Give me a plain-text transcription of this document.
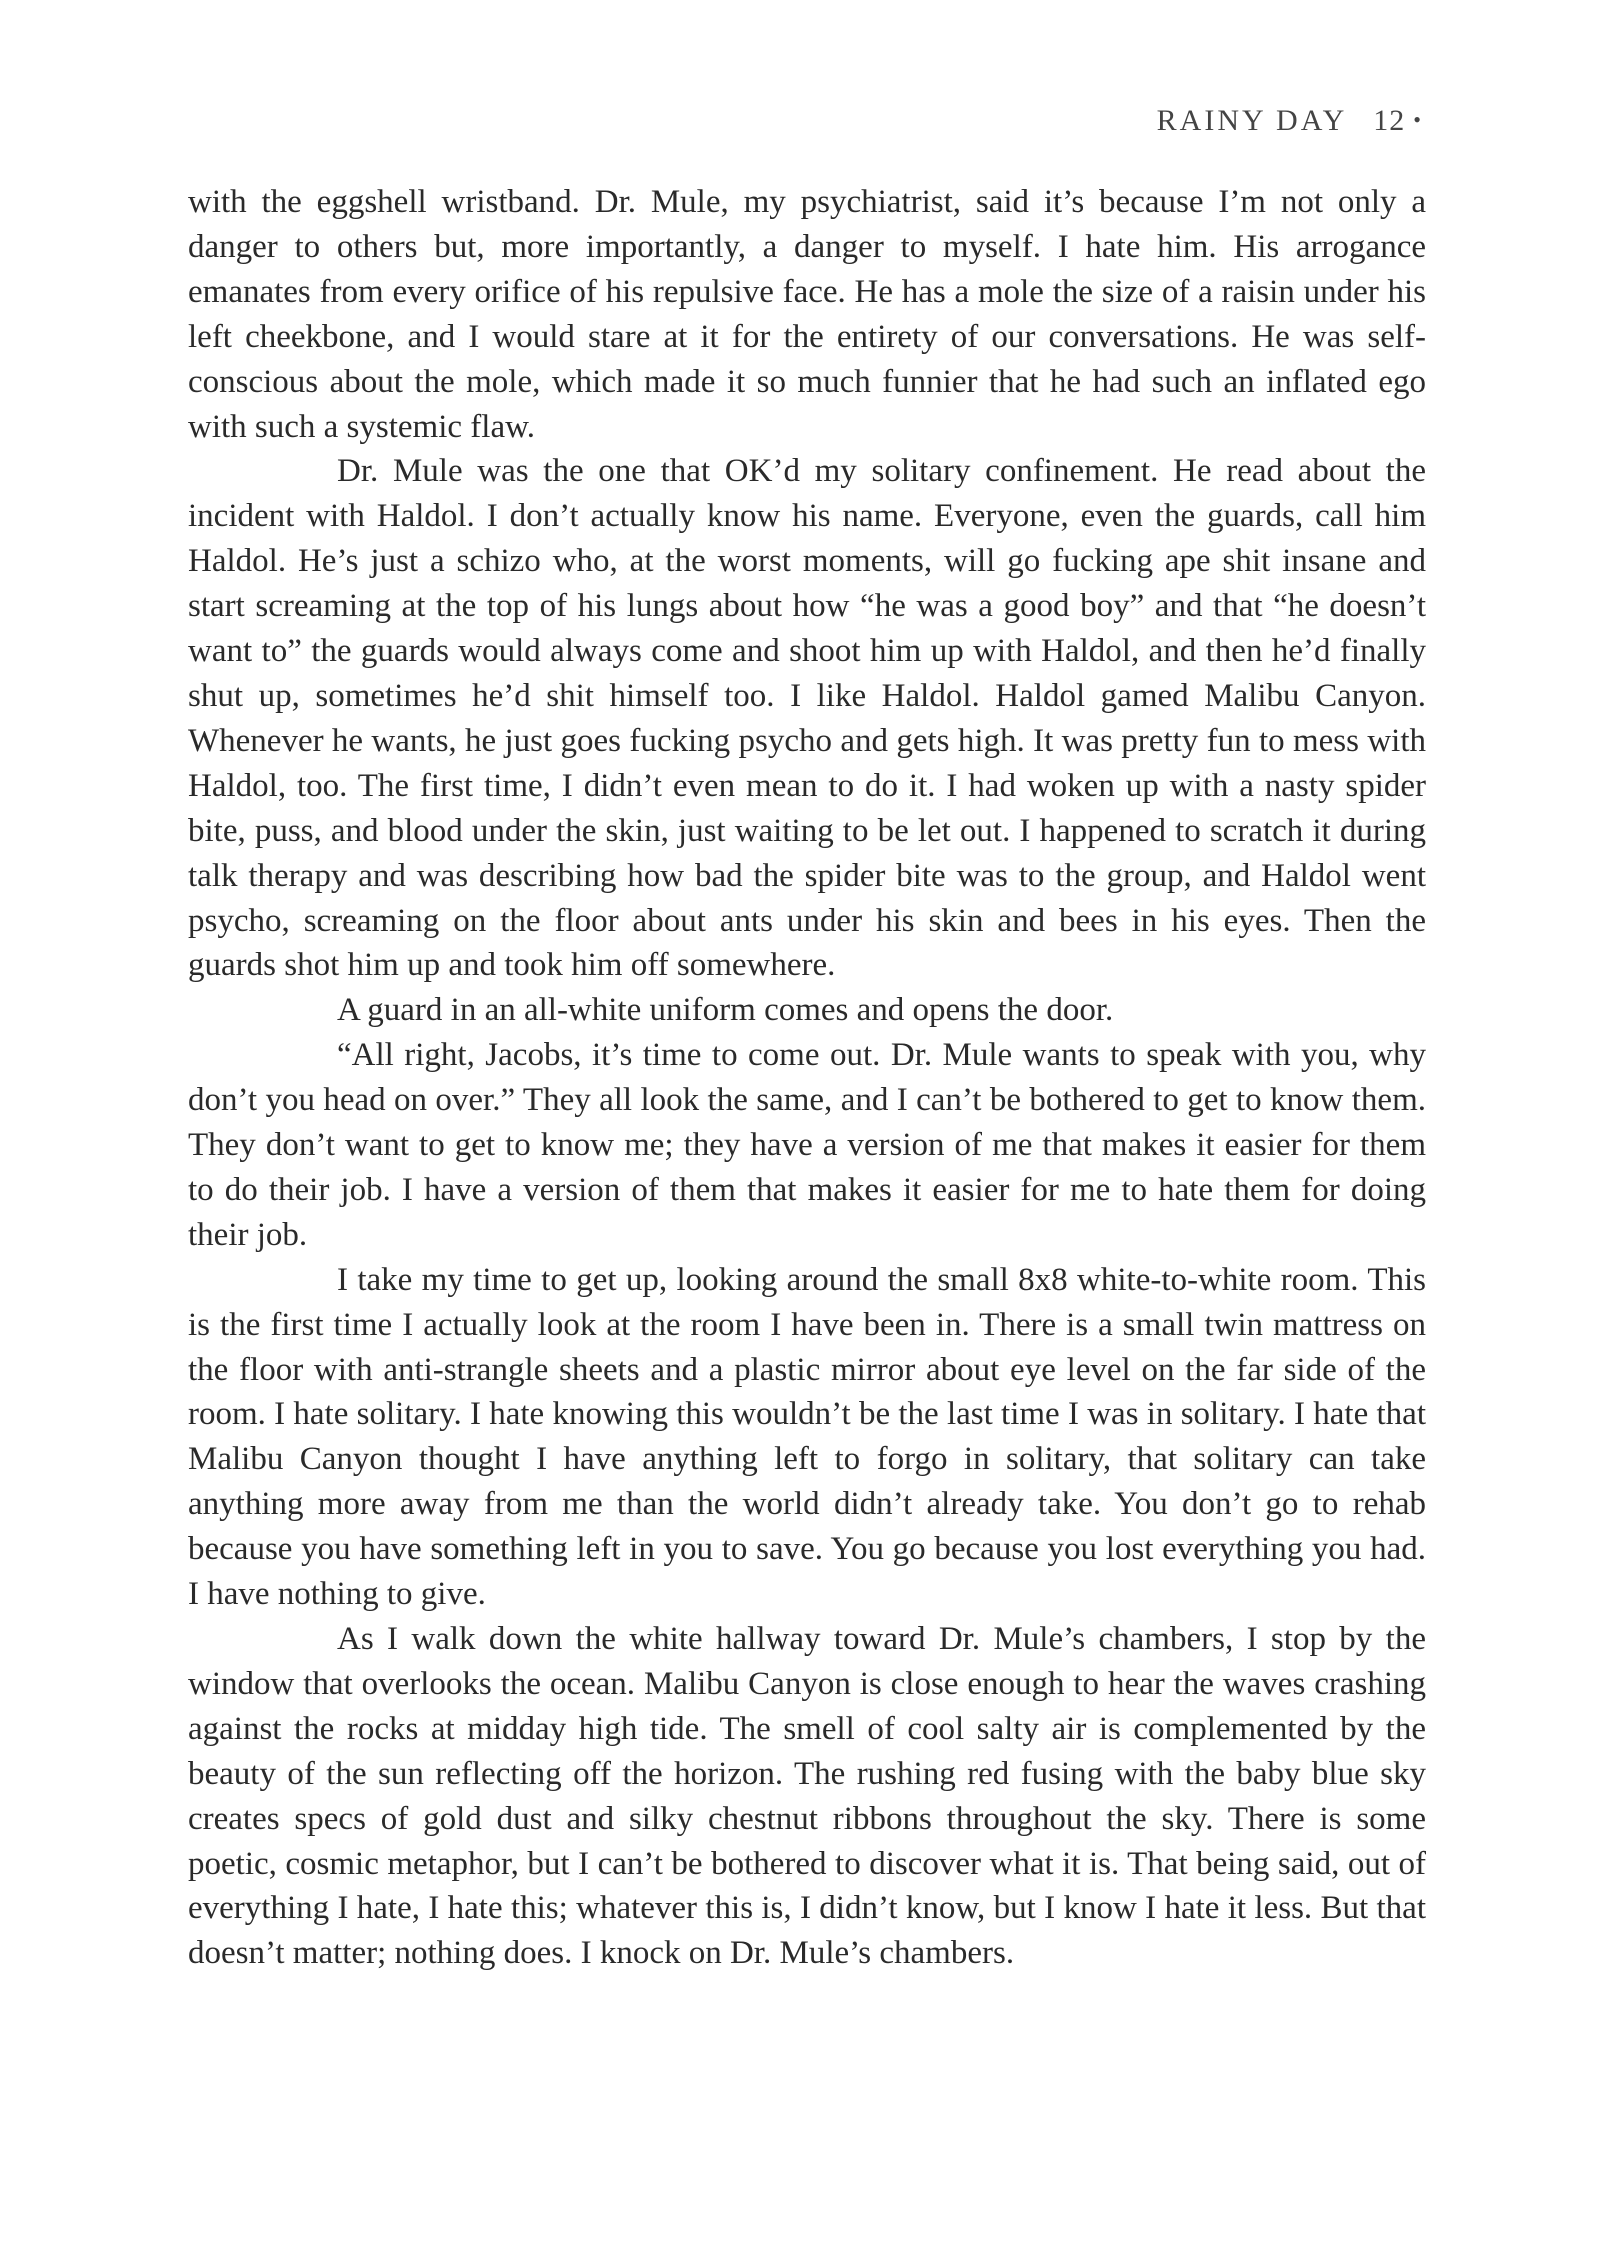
RAINY DAY 12 •

with the eggshell wristband. Dr. Mule, my psychiatrist, said it’s because I’m not only a danger to others but, more importantly, a danger to myself. I hate him. His arrogance emanates from every orifice of his repulsive face. He has a mole the size of a raisin under his left cheekbone, and I would stare at it for the entirety of our conversations. He was self-conscious about the mole, which made it so much funnier that he had such an inflated ego with such a systemic flaw.

Dr. Mule was the one that OK’d my solitary confinement. He read about the incident with Haldol. I don’t actually know his name. Everyone, even the guards, call him Haldol. He’s just a schizo who, at the worst moments, will go fucking ape shit insane and start screaming at the top of his lungs about how “he was a good boy” and that “he doesn’t want to” the guards would always come and shoot him up with Haldol, and then he’d finally shut up, sometimes he’d shit himself too. I like Haldol. Haldol gamed Malibu Canyon. Whenever he wants, he just goes fucking psycho and gets high. It was pretty fun to mess with Haldol, too. The first time, I didn’t even mean to do it. I had woken up with a nasty spider bite, puss, and blood under the skin, just waiting to be let out. I happened to scratch it during talk therapy and was describing how bad the spider bite was to the group, and Haldol went psycho, screaming on the floor about ants under his skin and bees in his eyes. Then the guards shot him up and took him off somewhere.

A guard in an all-white uniform comes and opens the door.

“All right, Jacobs, it’s time to come out. Dr. Mule wants to speak with you, why don’t you head on over.” They all look the same, and I can’t be bothered to get to know them. They don’t want to get to know me; they have a version of me that makes it easier for them to do their job. I have a version of them that makes it easier for me to hate them for doing their job.

I take my time to get up, looking around the small 8x8 white-to-white room. This is the first time I actually look at the room I have been in. There is a small twin mattress on the floor with anti-strangle sheets and a plastic mirror about eye level on the far side of the room. I hate solitary. I hate knowing this wouldn’t be the last time I was in solitary. I hate that Malibu Canyon thought I have anything left to forgo in solitary, that solitary can take anything more away from me than the world didn’t already take. You don’t go to rehab because you have something left in you to save. You go because you lost everything you had. I have nothing to give.

As I walk down the white hallway toward Dr. Mule’s chambers, I stop by the window that overlooks the ocean. Malibu Canyon is close enough to hear the waves crashing against the rocks at midday high tide. The smell of cool salty air is complemented by the beauty of the sun reflecting off the horizon. The rushing red fusing with the baby blue sky creates specs of gold dust and silky chestnut ribbons throughout the sky. There is some poetic, cosmic metaphor, but I can’t be bothered to discover what it is. That being said, out of everything I hate, I hate this; whatever this is, I didn’t know, but I know I hate it less. But that doesn’t matter; nothing does. I knock on Dr. Mule’s chambers.
